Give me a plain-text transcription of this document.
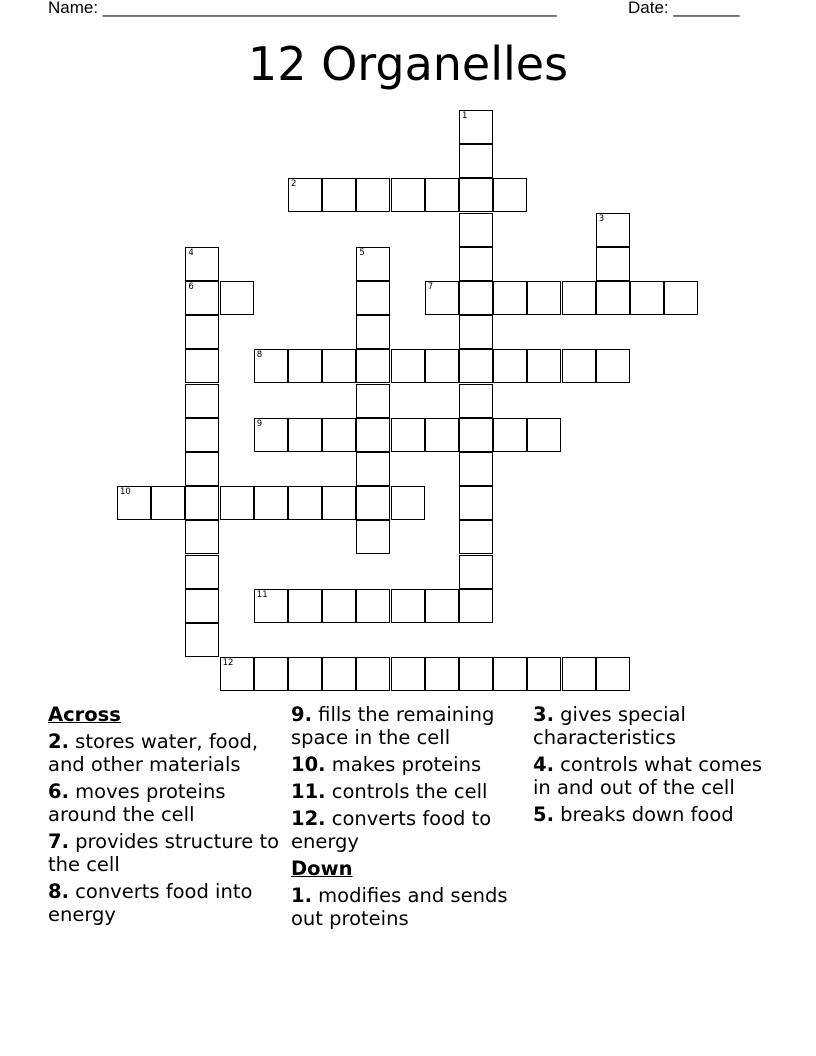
Name: ________________________________________________	Date: _______
12 Organelles
1
2
3
4
6
5
7
8
9
10
11
12
Across
2. stores water, food, and other materials
6. moves proteins around the cell
7. provides structure to the cell
8. converts food into energy
9. fills the remaining space in the cell
10. makes proteins
11. controls the cell
12. converts food to energy
Down
1. modifies and sends out proteins
3. gives special characteristics
4. controls what comes in and out of the cell
5. breaks down food
